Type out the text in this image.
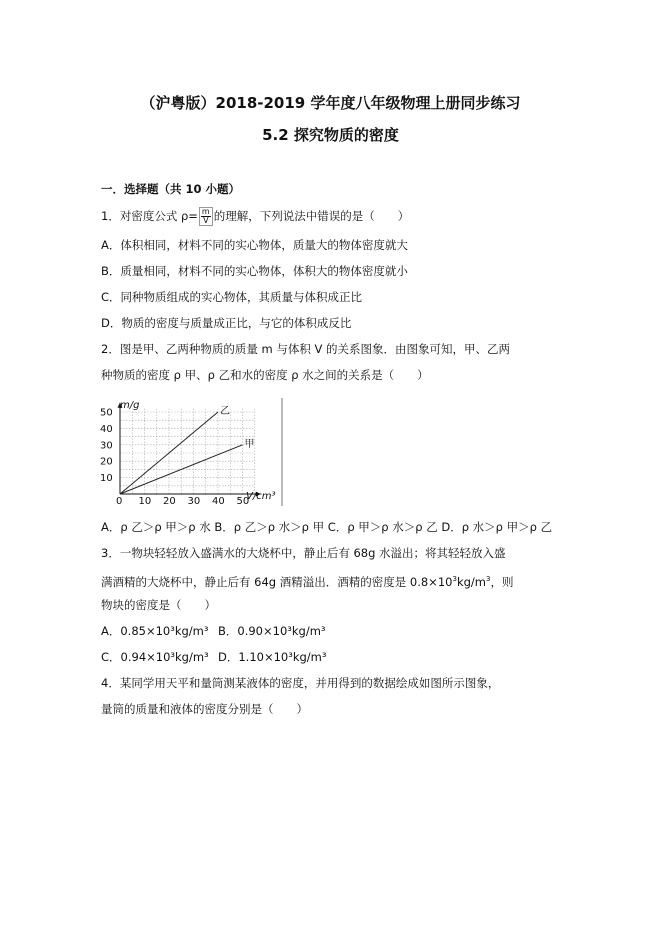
（沪粤版）2018-2019 学年度八年级物理上册同步练习
5.2 探究物质的密度
一．选择题（共 10 小题）
1．对密度公式 $\rho= \frac{m}{V}$ 的理解，下列说法中错误的是（　　）
A．体积相同，材料不同的实心物体，质量大的物体密度就大
B．质量相同，材料不同的实心物体，体积大的物体密度就小
C．同种物质组成的实心物体，其质量与体积成正比
D．物质的密度与质量成正比，与它的体积成反比
2．图是甲、乙两种物质的质量 m 与体积 V 的关系图象．由图象可知，甲、乙两
种物质的密度 ρ 甲、ρ 乙和水的密度 ρ 水之间的关系是（　　）
0 10 20 30 40 50
10
20
30
40
50	乙
甲
m/g
V/cm³
A．ρ 乙＞ρ 甲＞ρ 水 B．ρ 乙＞ρ 水＞ρ 甲 C．ρ 甲＞ρ 水＞ρ 乙 D．ρ 水＞ρ 甲＞ρ 乙
3．一物块轻轻放入盛满水的大烧杯中，静止后有 68g 水溢出；将其轻轻放入盛
满酒精的大烧杯中，静止后有 64g 酒精溢出．酒精的密度是 $0.8\times 10^3kg/m^3$，则
物块的密度是（　　）
A．0.85×10³kg/m³ B．0.90×10³kg/m³
C．0.94×10³kg/m³ D．1.10×10³kg/m³
4．某同学用天平和量筒测某液体的密度，并用得到的数据绘成如图所示图象，
量筒的质量和液体的密度分别是（　　）
